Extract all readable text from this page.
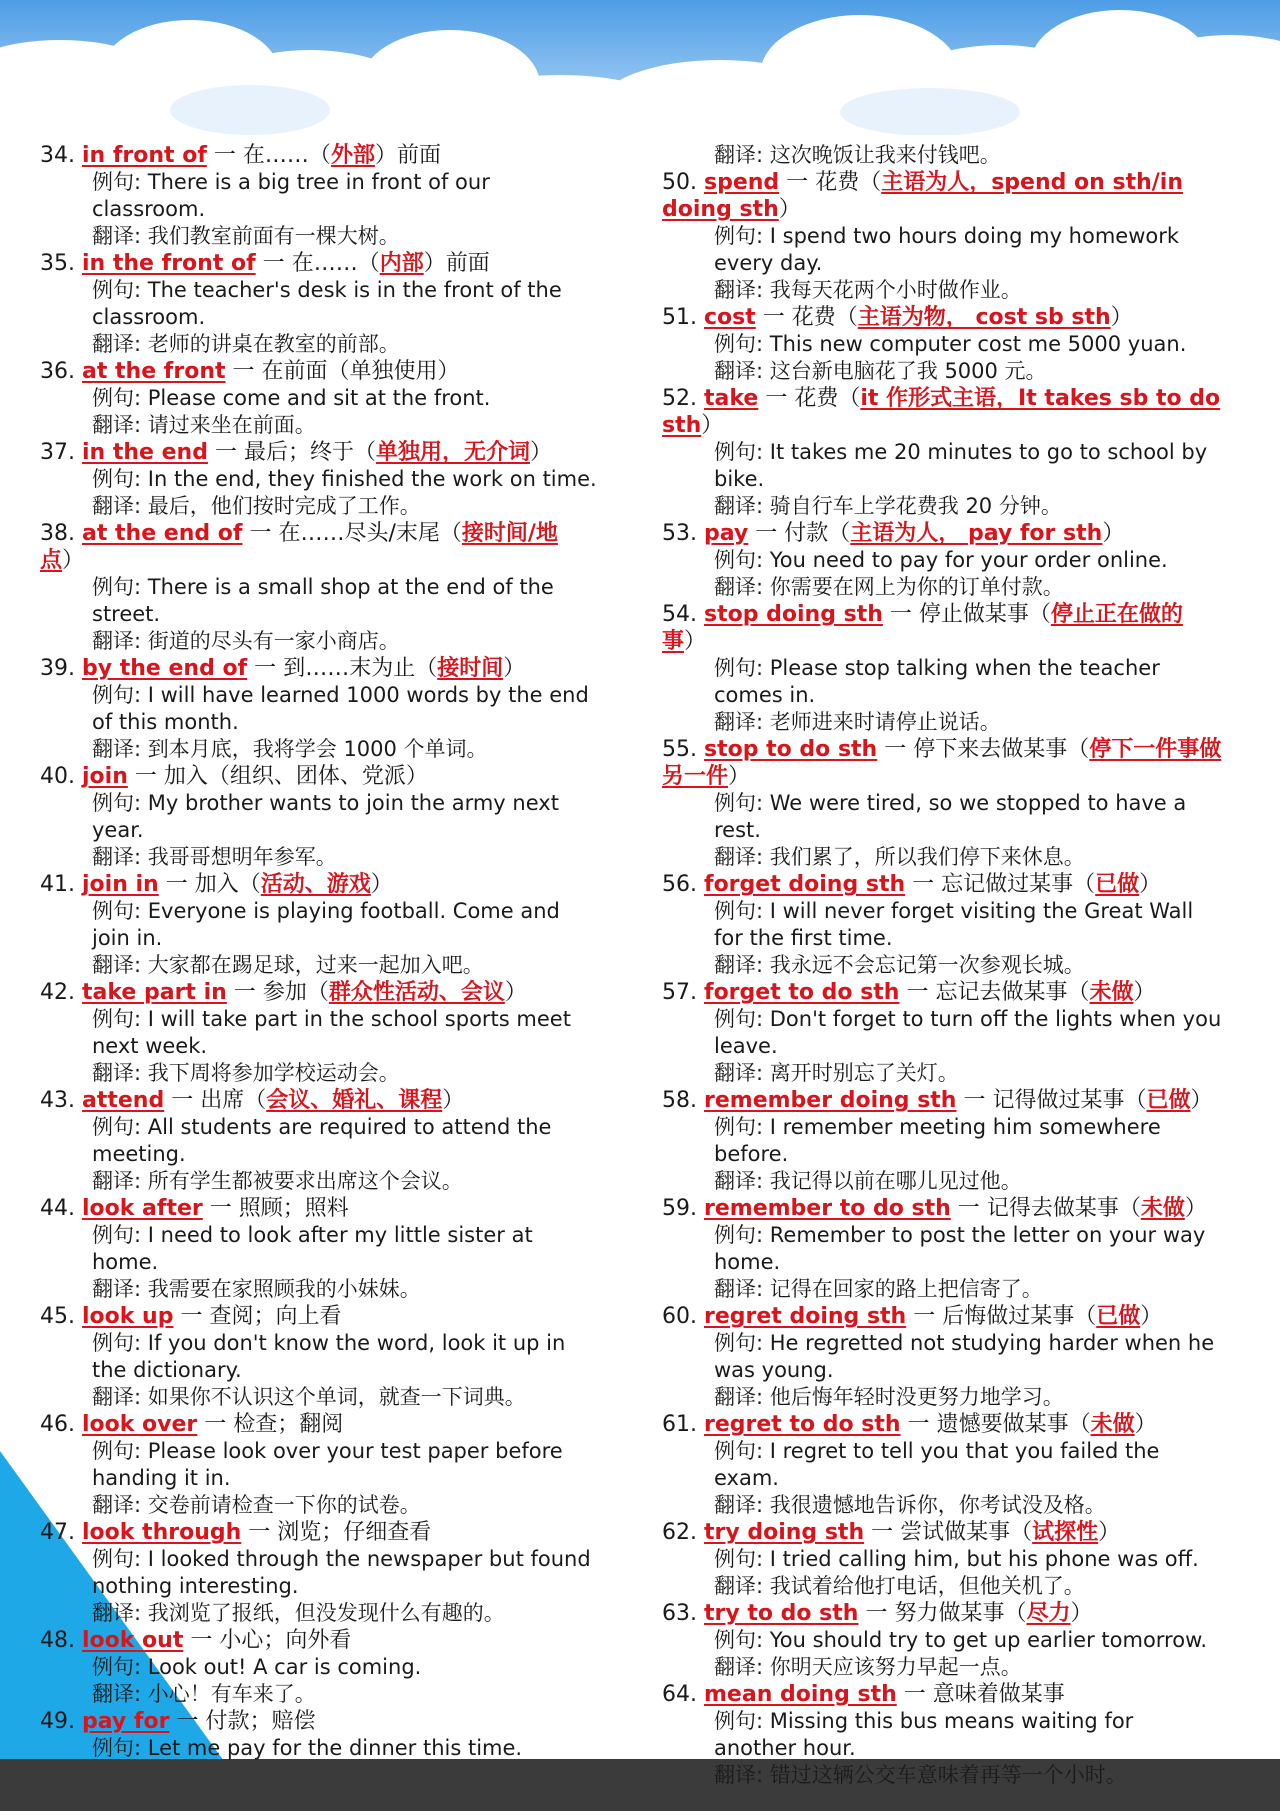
34. in front of 一 在……（外部）前面
例句: There is a big tree in front of our classroom.
翻译: 我们教室前面有一棵大树。
35. in the front of 一 在……（内部）前面
例句: The teacher's desk is in the front of the classroom.
翻译: 老师的讲桌在教室的前部。
36. at the front 一 在前面（单独使用）
例句: Please come and sit at the front.
翻译: 请过来坐在前面。
37. in the end 一 最后；终于（单独用，无介词）
例句: In the end, they finished the work on time.
翻译: 最后，他们按时完成了工作。
38. at the end of 一 在……尽头/末尾（接时间/地点）
例句: There is a small shop at the end of the street.
翻译: 街道的尽头有一家小商店。
39. by the end of 一 到……末为止（接时间）
例句: I will have learned 1000 words by the end of this month.
翻译: 到本月底，我将学会 1000 个单词。
40. join 一 加入（组织、团体、党派）
例句: My brother wants to join the army next year.
翻译: 我哥哥想明年参军。
41. join in 一 加入（活动、游戏）
例句: Everyone is playing football. Come and join in.
翻译: 大家都在踢足球，过来一起加入吧。
42. take part in 一 参加（群众性活动、会议）
例句: I will take part in the school sports meet next week.
翻译: 我下周将参加学校运动会。
43. attend 一 出席（会议、婚礼、课程）
例句: All students are required to attend the meeting.
翻译: 所有学生都被要求出席这个会议。
44. look after 一 照顾；照料
例句: I need to look after my little sister at home.
翻译: 我需要在家照顾我的小妹妹。
45. look up 一 查阅；向上看
例句: If you don't know the word, look it up in the dictionary.
翻译: 如果你不认识这个单词，就查一下词典。
46. look over 一 检查；翻阅
例句: Please look over your test paper before handing it in.
翻译: 交卷前请检查一下你的试卷。
47. look through 一 浏览；仔细查看
例句: I looked through the newspaper but found nothing interesting.
翻译: 我浏览了报纸，但没发现什么有趣的。
48. look out 一 小心；向外看
例句: Look out! A car is coming.
翻译: 小心！有车来了。
49. pay for 一 付款；赔偿
例句: Let me pay for the dinner this time.
翻译: 这次晚饭让我来付钱吧。
50. spend 一 花费（主语为人，spend on sth/in doing sth）
例句: I spend two hours doing my homework every day.
翻译: 我每天花两个小时做作业。
51. cost 一 花费（主语为物， cost sb sth）
例句: This new computer cost me 5000 yuan.
翻译: 这台新电脑花了我 5000 元。
52. take 一 花费（it 作形式主语，It takes sb to do sth）
例句: It takes me 20 minutes to go to school by bike.
翻译: 骑自行车上学花费我 20 分钟。
53. pay 一 付款（主语为人， pay for sth）
例句: You need to pay for your order online.
翻译: 你需要在网上为你的订单付款。
54. stop doing sth 一 停止做某事（停止正在做的事）
例句: Please stop talking when the teacher comes in.
翻译: 老师进来时请停止说话。
55. stop to do sth 一 停下来去做某事（停下一件事做另一件）
例句: We were tired, so we stopped to have a rest.
翻译: 我们累了，所以我们停下来休息。
56. forget doing sth 一 忘记做过某事（已做）
例句: I will never forget visiting the Great Wall for the first time.
翻译: 我永远不会忘记第一次参观长城。
57. forget to do sth 一 忘记去做某事（未做）
例句: Don't forget to turn off the lights when you leave.
翻译: 离开时别忘了关灯。
58. remember doing sth 一 记得做过某事（已做）
例句: I remember meeting him somewhere before.
翻译: 我记得以前在哪儿见过他。
59. remember to do sth 一 记得去做某事（未做）
例句: Remember to post the letter on your way home.
翻译: 记得在回家的路上把信寄了。
60. regret doing sth 一 后悔做过某事（已做）
例句: He regretted not studying harder when he was young.
翻译: 他后悔年轻时没更努力地学习。
61. regret to do sth 一 遗憾要做某事（未做）
例句: I regret to tell you that you failed the exam.
翻译: 我很遗憾地告诉你，你考试没及格。
62. try doing sth 一 尝试做某事（试探性）
例句: I tried calling him, but his phone was off.
翻译: 我试着给他打电话，但他关机了。
63. try to do sth 一 努力做某事（尽力）
例句: You should try to get up earlier tomorrow.
翻译: 你明天应该努力早起一点。
64. mean doing sth 一 意味着做某事
例句: Missing this bus means waiting for another hour.
翻译: 错过这辆公交车意味着再等一个小时。
